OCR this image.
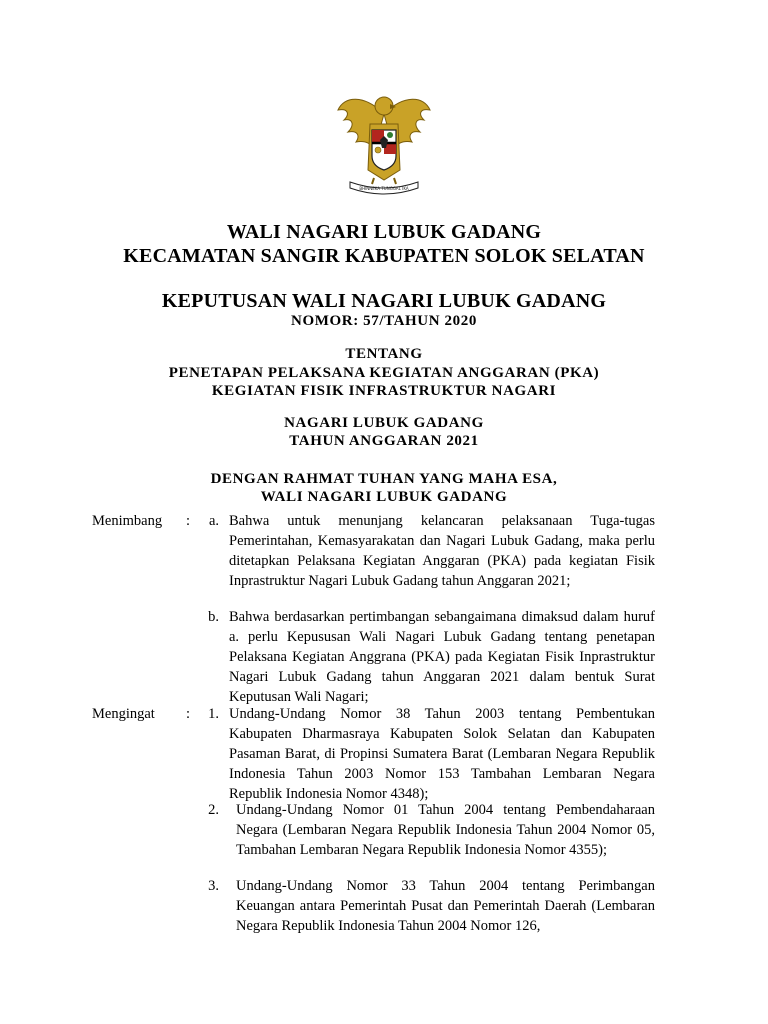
BHINNEKA TUNGGAL IKA
WALI NAGARI LUBUK GADANG
KECAMATAN SANGIR KABUPATEN SOLOK SELATAN
KEPUTUSAN WALI NAGARI LUBUK GADANG
NOMOR: 57/TAHUN 2020
TENTANG
PENETAPAN PELAKSANA KEGIATAN ANGGARAN (PKA)
KEGIATAN FISIK INFRASTRUKTUR NAGARI
NAGARI LUBUK GADANG
TAHUN ANGGARAN 2021
DENGAN RAHMAT TUHAN YANG MAHA ESA,
WALI NAGARI LUBUK GADANG
Menimbang	:	a. Bahwa untuk menunjang kelancaran pelaksanaan Tuga-tugas Pemerintahan, Kemasyarakatan dan Nagari Lubuk Gadang, maka perlu ditetapkan Pelaksana Kegiatan Anggaran (PKA) pada kegiatan Fisik Inprastruktur Nagari Lubuk Gadang tahun Anggaran 2021;
b. Bahwa berdasarkan pertimbangan sebangaimana dimaksud dalam huruf a. perlu Kepususan Wali Nagari Lubuk Gadang tentang penetapan Pelaksana Kegiatan Anggrana (PKA) pada Kegiatan Fisik Inprastruktur Nagari Lubuk Gadang tahun Anggaran 2021 dalam bentuk Surat Keputusan Wali Nagari;
Mengingat	:	1. Undang-Undang Nomor 38 Tahun 2003 tentang Pembentukan Kabupaten Dharmasraya Kabupaten Solok Selatan dan Kabupaten Pasaman Barat, di Propinsi Sumatera Barat (Lembaran Negara Republik Indonesia Tahun 2003 Nomor 153 Tambahan Lembaran Negara Republik Indonesia Nomor 4348);
2. Undang-Undang Nomor 01 Tahun 2004 tentang Pembendaharaan Negara (Lembaran Negara Republik Indonesia Tahun 2004 Nomor 05, Tambahan Lembaran Negara Republik Indonesia Nomor 4355);
3. Undang-Undang Nomor 33 Tahun 2004 tentang Perimbangan Keuangan antara Pemerintah Pusat dan Pemerintah Daerah (Lembaran Negara Republik Indonesia Tahun 2004 Nomor 126,
